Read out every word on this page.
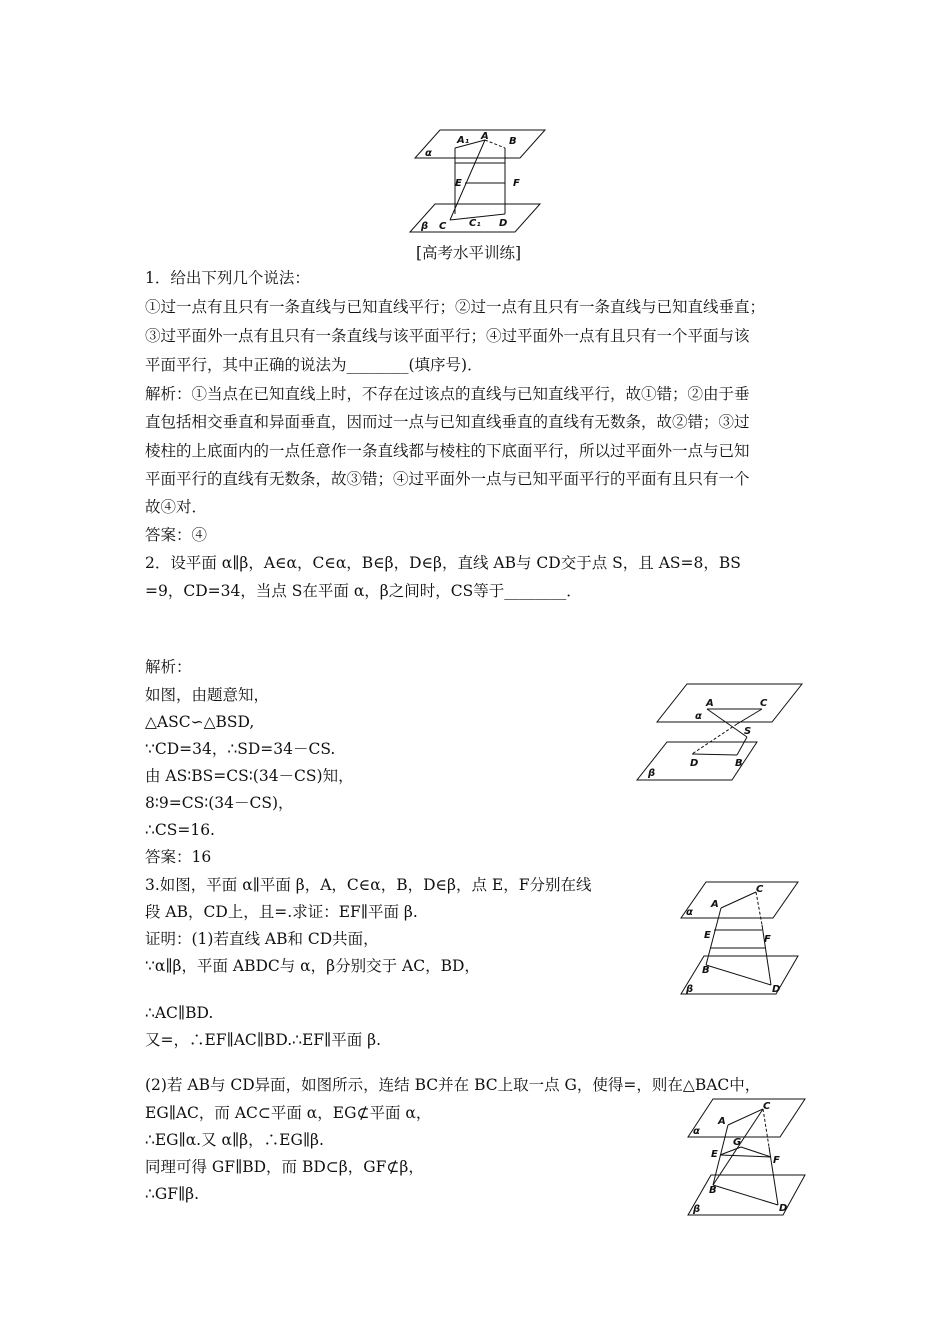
α
A₁ A B
E	F
β C C₁ D
[高考水平训练]
1．给出下列几个说法：
①过一点有且只有一条直线与已知直线平行；②过一点有且只有一条直线与已知直线垂直；
③过平面外一点有且只有一条直线与该平面平行；④过平面外一点有且只有一个平面与该
平面平行，其中正确的说法为________(填序号)．
解析：①当点在已知直线上时，不存在过该点的直线与已知直线平行，故①错；②由于垂
直包括相交垂直和异面垂直，因而过一点与已知直线垂直的直线有无数条，故②错；③过
棱柱的上底面内的一点任意作一条直线都与棱柱的下底面平行，所以过平面外一点与已知
平面平行的直线有无数条，故③错；④过平面外一点与已知平面平行的平面有且只有一个
故④对．
答案：④
2．设平面 α∥β，A∈α，C∈α，B∈β，D∈β，直线 AB与 CD交于点 S，且 AS=8，BS
=9，CD=34，当点 S在平面 α，β之间时，CS等于________．
解析：
如图，由题意知，
△ASC∽△BSD,
∵CD=34，∴SD=34－CS.
由 AS∶BS=CS∶(34－CS)知，
8∶9=CS∶(34－CS)，
∴CS=16.
答案：16
α
A	C
S
D	B
β
3.如图，平面 α∥平面 β，A，C∈α，B，D∈β，点 E，F分别在线
段 AB，CD上，且=.求证：EF∥平面 β.
证明：(1)若直线 AB和 CD共面，
∵α∥β，平面 ABDC与 α，β分别交于 AC，BD，
∴AC∥BD.
又=，∴EF∥AC∥BD.∴EF∥平面 β.
(2)若 AB与 CD异面，如图所示，连结 BC并在 BC上取一点 G，使得=，则在△BAC中，
EG∥AC，而 AC⊂平面 α，EG⊄平面 α，
∴EG∥α.又 α∥β，∴EG∥β.
同理可得 GF∥BD，而 BD⊂β，GF⊄β，
∴GF∥β.
α
A
C
E	F
B
D
β
α
A
C
G
E
F
B
D
β
